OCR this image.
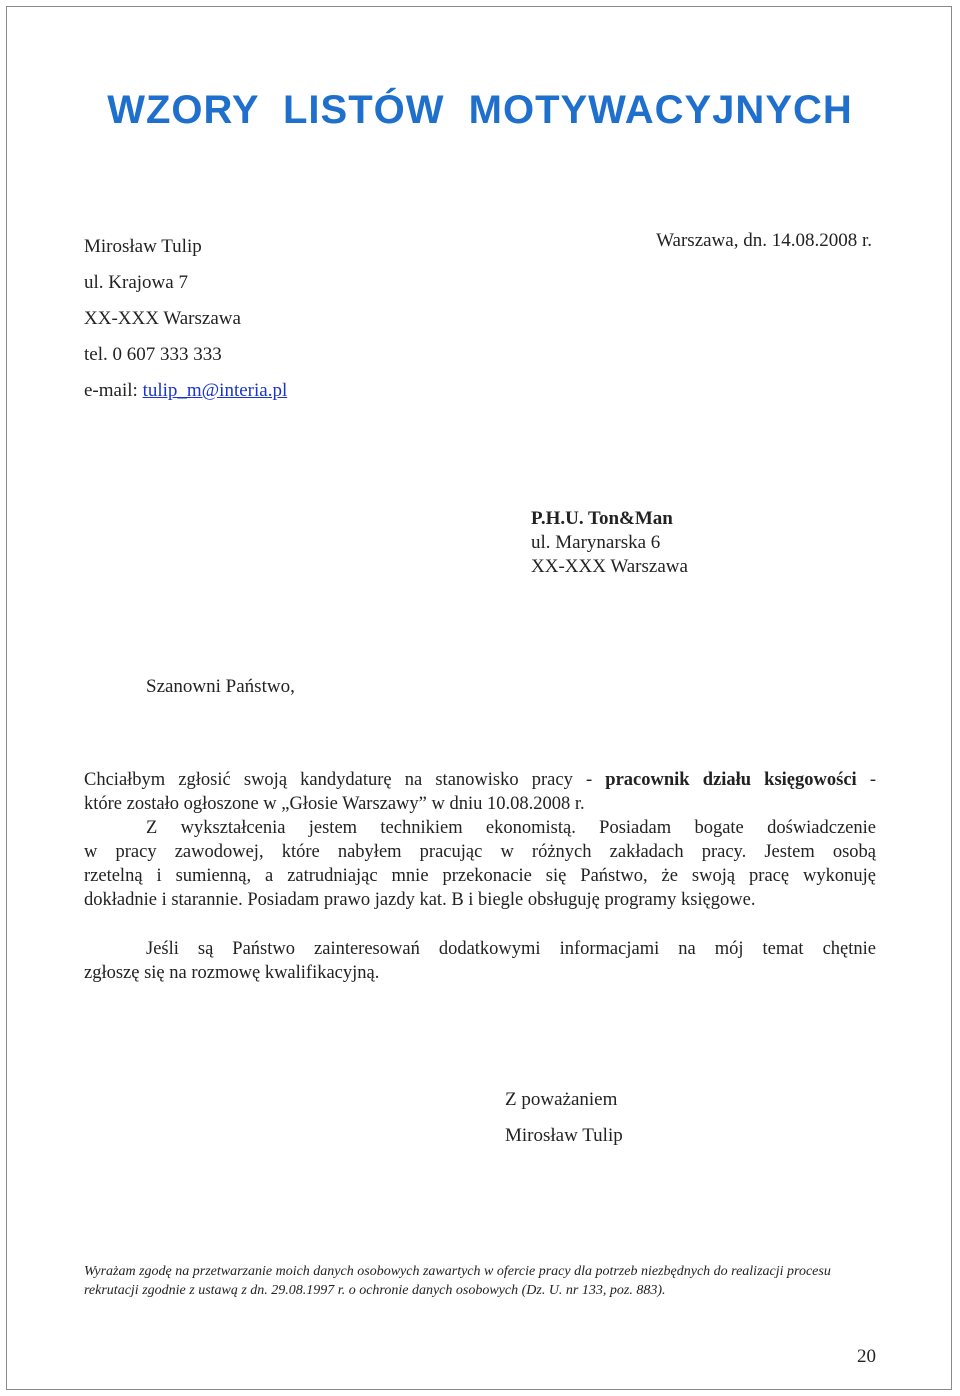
WZORY LISTÓW MOTYWACYJNYCH
Mirosław Tulip
ul. Krajowa 7
XX-XXX Warszawa
tel. 0 607 333 333
e-mail: tulip_m@interia.pl
Warszawa, dn. 14.08.2008 r.
P.H.U. Ton&Man
ul. Marynarska 6
XX-XXX Warszawa
Szanowni Państwo,
Chciałbym zgłosić swoją kandydaturę na stanowisko pracy - pracownik działu księgowości -
które zostało ogłoszone w „Głosie Warszawy” w dniu 10.08.2008 r.
Z wykształcenia jestem technikiem ekonomistą. Posiadam bogate doświadczenie
w pracy zawodowej, które nabyłem pracując w różnych zakładach pracy. Jestem osobą
rzetelną i sumienną, a zatrudniając mnie przekonacie się Państwo, że swoją pracę wykonuję
dokładnie i starannie. Posiadam prawo jazdy kat. B i biegle obsługuję programy księgowe.
Jeśli są Państwo zainteresowań dodatkowymi informacjami na mój temat chętnie
zgłoszę się na rozmowę kwalifikacyjną.
Z poważaniem
Mirosław Tulip
Wyrażam zgodę na przetwarzanie moich danych osobowych zawartych w ofercie pracy dla potrzeb niezbędnych do realizacji procesu rekrutacji zgodnie z ustawą z dn. 29.08.1997 r. o ochronie danych osobowych (Dz. U. nr 133, poz. 883).
20
